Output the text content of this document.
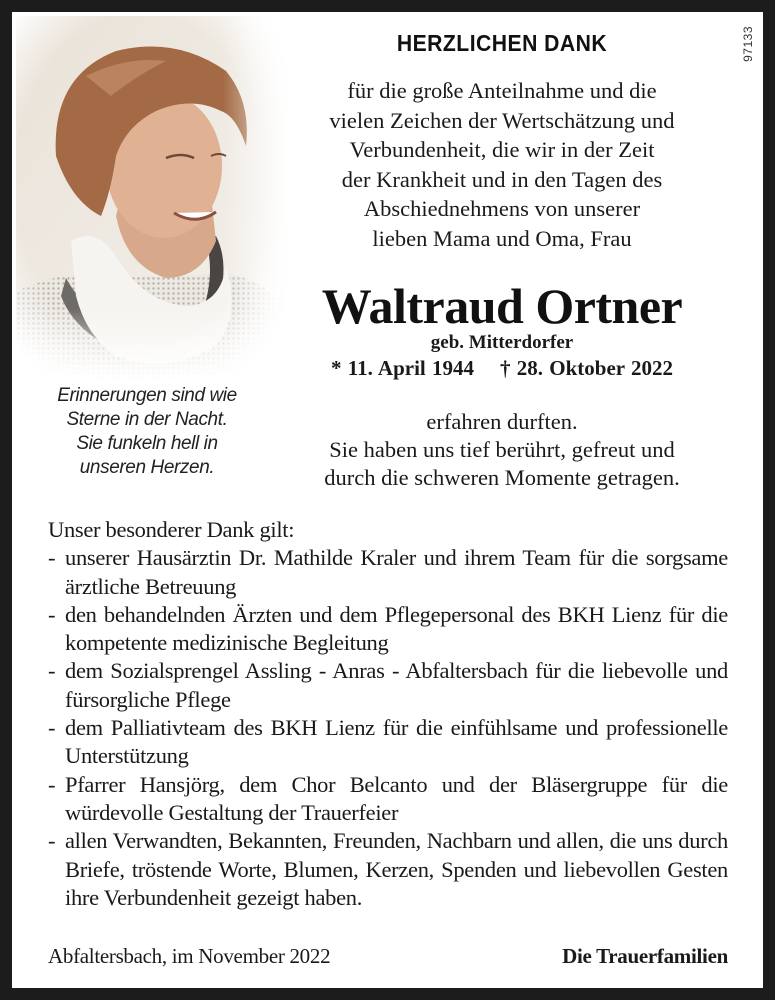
97133
Erinnerungen sind wie
Sterne in der Nacht.
Sie funkeln hell in
unseren Herzen.
HERZLICHEN DANK
für die große Anteilnahme und die
vielen Zeichen der Wertschätzung und
Verbundenheit, die wir in der Zeit
der Krankheit und in den Tagen des
Abschiednehmens von unserer
lieben Mama und Oma, Frau
Waltraud Ortner
geb. Mitterdorfer
* 11. April 1944 † 28. Oktober 2022
erfahren durften.
Sie haben uns tief berührt, gefreut und
durch die schweren Momente getragen.
Unser besonderer Dank gilt:
- unserer Hausärztin Dr. Mathilde Kraler und ihrem Team für die sorgsame ärztliche Betreuung
- den behandelnden Ärzten und dem Pflegepersonal des BKH Lienz für die kompetente medizinische Begleitung
- dem Sozialsprengel Assling - Anras - Abfaltersbach für die liebevolle und fürsorgliche Pflege
- dem Palliativteam des BKH Lienz für die einfühlsame und professionelle Unterstützung
- Pfarrer Hansjörg, dem Chor Belcanto und der Bläsergruppe für die würdevolle Gestaltung der Trauerfeier
- allen Verwandten, Bekannten, Freunden, Nachbarn und allen, die uns durch Briefe, tröstende Worte, Blumen, Kerzen, Spenden und liebevollen Gesten ihre Verbundenheit gezeigt haben.
Abfaltersbach, im November 2022	Die Trauerfamilien
